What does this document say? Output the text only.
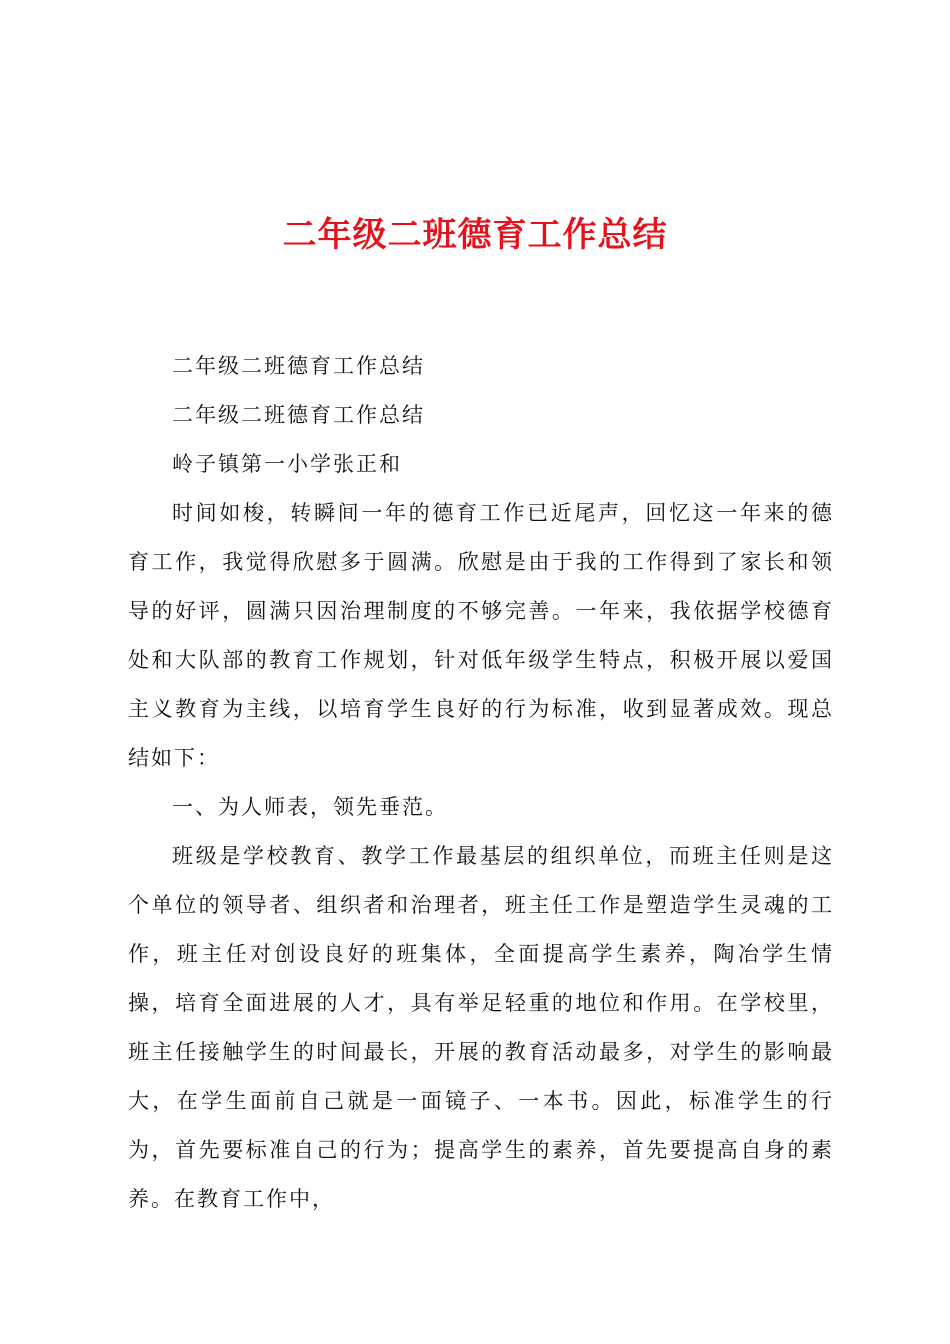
二年级二班德育工作总结

二年级二班德育工作总结

二年级二班德育工作总结

岭子镇第一小学张正和

时间如梭，转瞬间一年的德育工作已近尾声，回忆这一年来的德育工作，我觉得欣慰多于圆满。欣慰是由于我的工作得到了家长和领导的好评，圆满只因治理制度的不够完善。一年来，我依据学校德育处和大队部的教育工作规划，针对低年级学生特点，积极开展以爱国主义教育为主线，以培育学生良好的行为标准，收到显著成效。现总结如下：

一、为人师表，领先垂范。

班级是学校教育、教学工作最基层的组织单位，而班主任则是这个单位的领导者、组织者和治理者，班主任工作是塑造学生灵魂的工作，班主任对创设良好的班集体，全面提高学生素养，陶冶学生情操，培育全面进展的人才，具有举足轻重的地位和作用。在学校里，班主任接触学生的时间最长，开展的教育活动最多，对学生的影响最大，在学生面前自己就是一面镜子、一本书。因此，标准学生的行为，首先要标准自己的行为；提高学生的素养，首先要提高自身的素养。在教育工作中，
